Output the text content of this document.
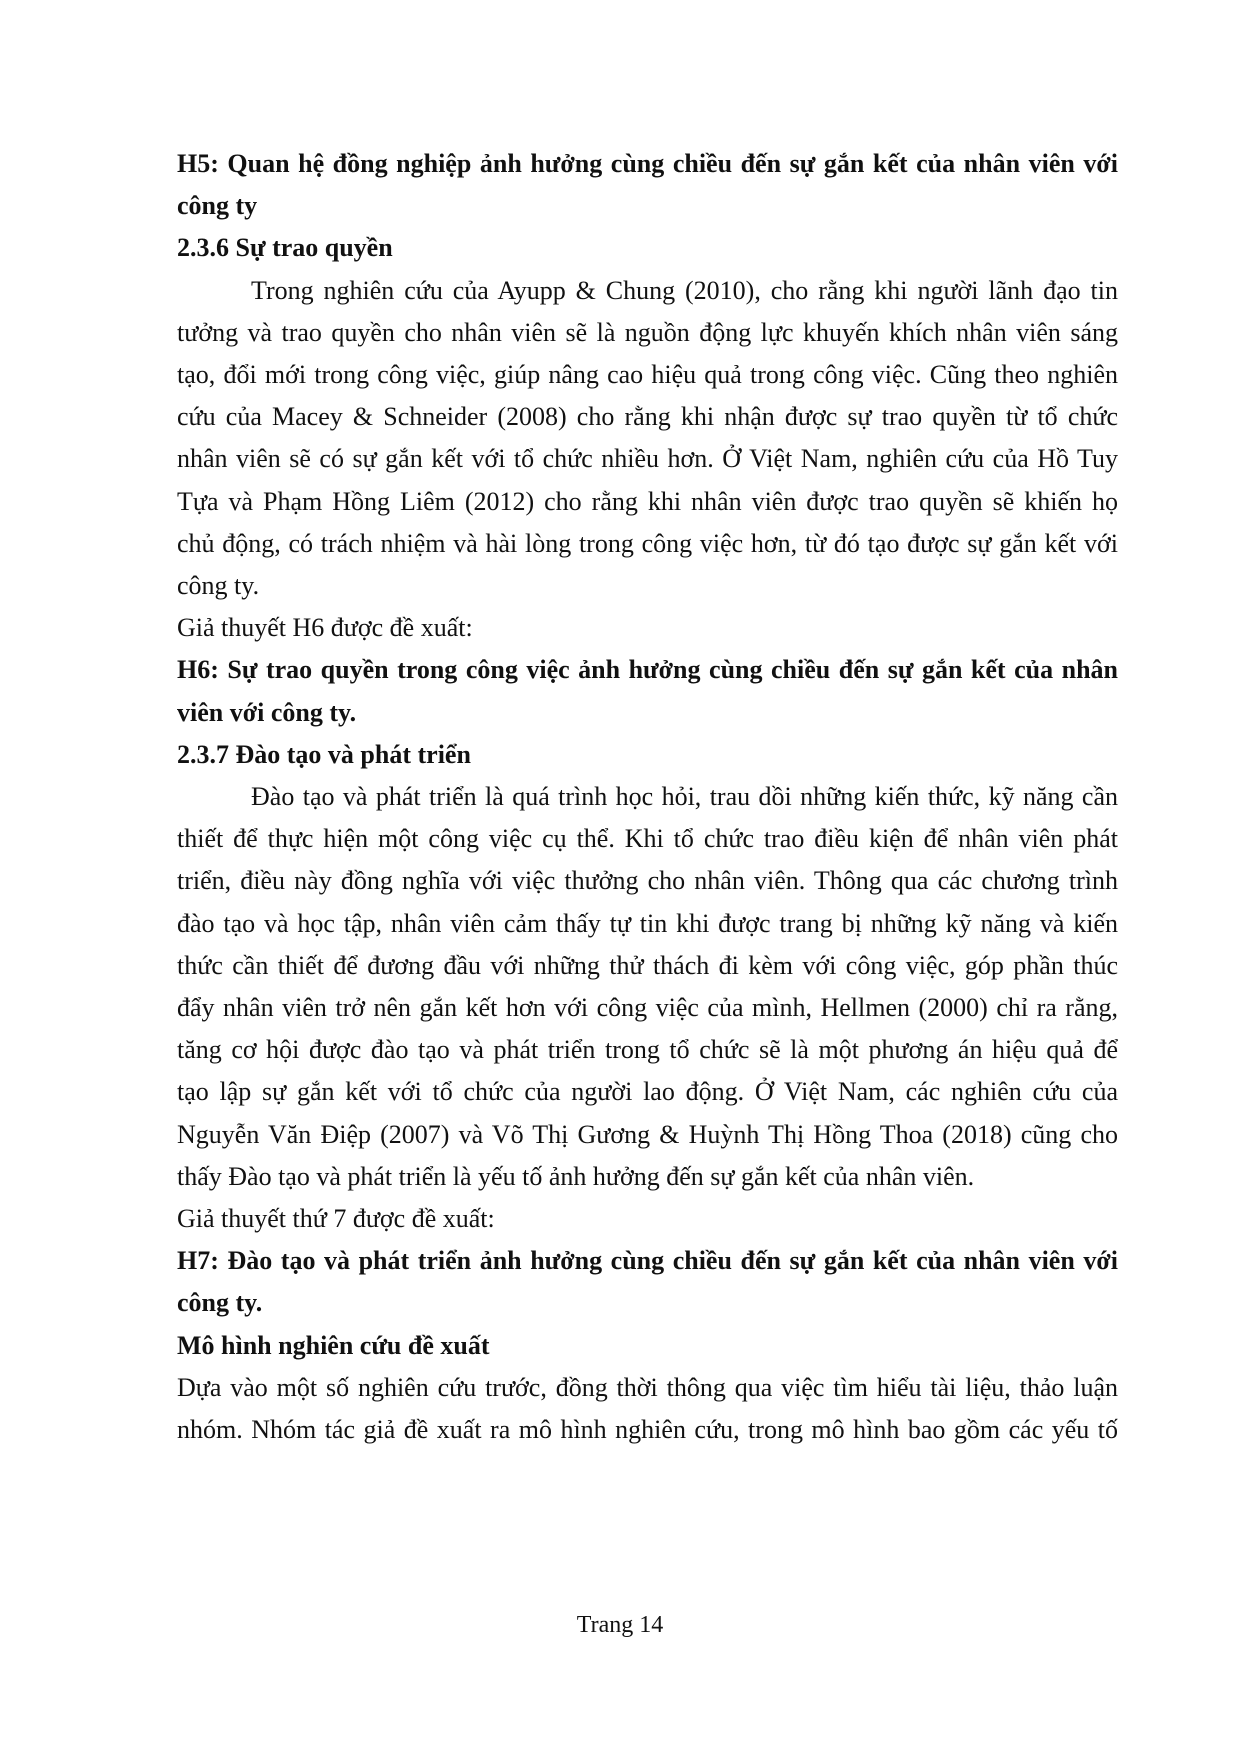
H5: Quan hệ đồng nghiệp ảnh hưởng cùng chiều đến sự gắn kết của nhân viên với
công ty

2.3.6 Sự trao quyền

Trong nghiên cứu của Ayupp & Chung (2010), cho rằng khi người lãnh đạo tin
tưởng và trao quyền cho nhân viên sẽ là nguồn động lực khuyến khích nhân viên sáng
tạo, đổi mới trong công việc, giúp nâng cao hiệu quả trong công việc. Cũng theo nghiên
cứu của Macey & Schneider (2008) cho rằng khi nhận được sự trao quyền từ tổ chức
nhân viên sẽ có sự gắn kết với tổ chức nhiều hơn. Ở Việt Nam, nghiên cứu của Hồ Tuy
Tựa và Phạm Hồng Liêm (2012) cho rằng khi nhân viên được trao quyền sẽ khiến họ
chủ động, có trách nhiệm và hài lòng trong công việc hơn, từ đó tạo được sự gắn kết với
công ty.

Giả thuyết H6 được đề xuất:

H6: Sự trao quyền trong công việc ảnh hưởng cùng chiều đến sự gắn kết của nhân
viên với công ty.

2.3.7 Đào tạo và phát triển

Đào tạo và phát triển là quá trình học hỏi, trau dồi những kiến thức, kỹ năng cần
thiết để thực hiện một công việc cụ thể. Khi tổ chức trao điều kiện để nhân viên phát
triển, điều này đồng nghĩa với việc thưởng cho nhân viên. Thông qua các chương trình
đào tạo và học tập, nhân viên cảm thấy tự tin khi được trang bị những kỹ năng và kiến
thức cần thiết để đương đầu với những thử thách đi kèm với công việc, góp phần thúc
đẩy nhân viên trở nên gắn kết hơn với công việc của mình, Hellmen (2000) chỉ ra rằng,
tăng cơ hội được đào tạo và phát triển trong tổ chức sẽ là một phương án hiệu quả để
tạo lập sự gắn kết với tổ chức của người lao động. Ở Việt Nam, các nghiên cứu của
Nguyễn Văn Điệp (2007) và Võ Thị Gương & Huỳnh Thị Hồng Thoa (2018) cũng cho
thấy Đào tạo và phát triển là yếu tố ảnh hưởng đến sự gắn kết của nhân viên.

Giả thuyết thứ 7 được đề xuất:

H7: Đào tạo và phát triển ảnh hưởng cùng chiều đến sự gắn kết của nhân viên với
công ty.

Mô hình nghiên cứu đề xuất

Dựa vào một số nghiên cứu trước, đồng thời thông qua việc tìm hiểu tài liệu, thảo luận
nhóm. Nhóm tác giả đề xuất ra mô hình nghiên cứu, trong mô hình bao gồm các yếu tố

Trang 14
